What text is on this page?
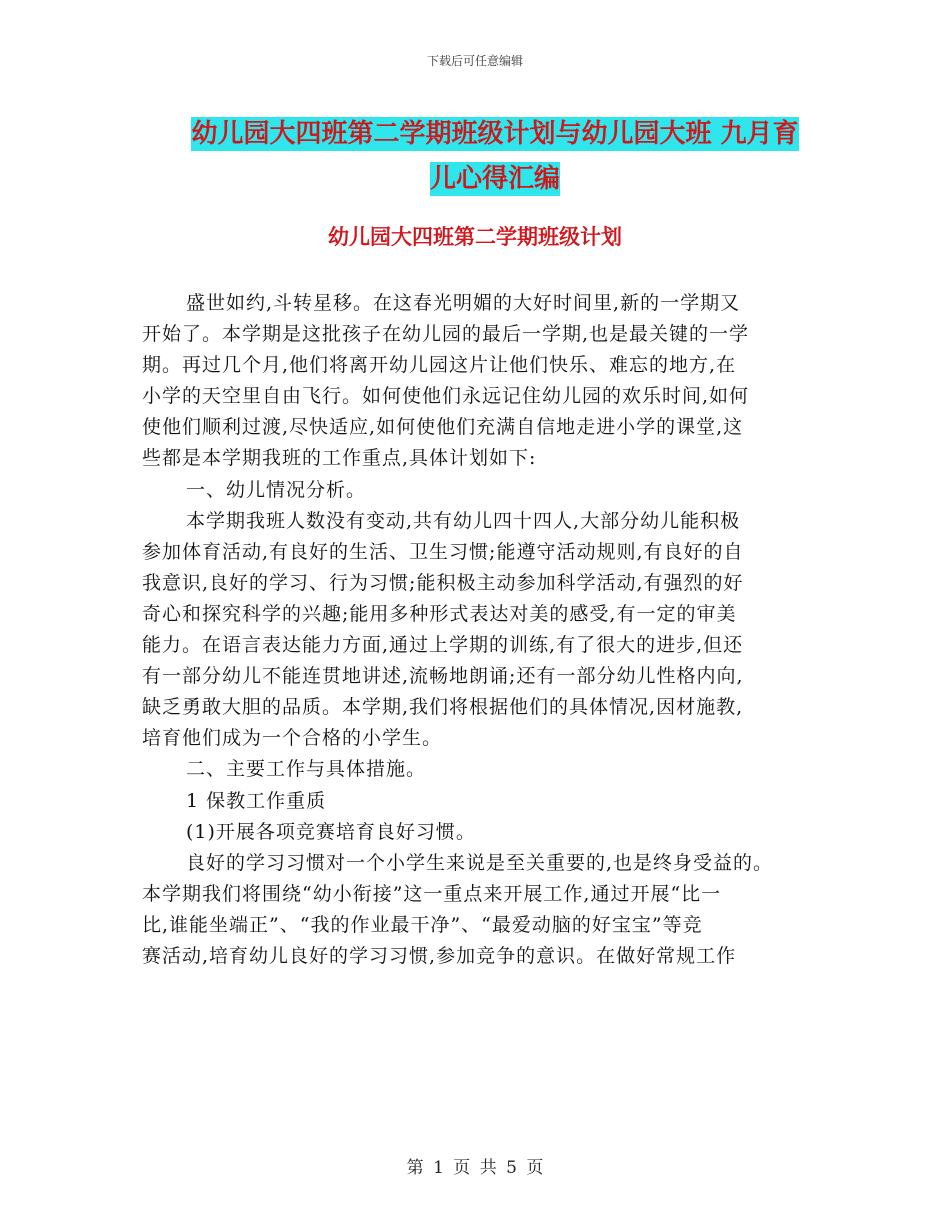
下载后可任意编辑
幼儿园大四班第二学期班级计划与幼儿园大班 九月育
儿心得汇编
幼儿园大四班第二学期班级计划
盛世如约,斗转星移。在这春光明媚的大好时间里,新的一学期又
开始了。本学期是这批孩子在幼儿园的最后一学期,也是最关键的一学
期。再过几个月,他们将离开幼儿园这片让他们快乐、难忘的地方,在
小学的天空里自由飞行。如何使他们永远记住幼儿园的欢乐时间,如何
使他们顺利过渡,尽快适应,如何使他们充满自信地走进小学的课堂,这
些都是本学期我班的工作重点,具体计划如下:
一、幼儿情况分析。
本学期我班人数没有变动,共有幼儿四十四人,大部分幼儿能积极
参加体育活动,有良好的生活、卫生习惯;能遵守活动规则,有良好的自
我意识,良好的学习、行为习惯;能积极主动参加科学活动,有强烈的好
奇心和探究科学的兴趣;能用多种形式表达对美的感受,有一定的审美
能力。在语言表达能力方面,通过上学期的训练,有了很大的进步,但还
有一部分幼儿不能连贯地讲述,流畅地朗诵;还有一部分幼儿性格内向,
缺乏勇敢大胆的品质。本学期,我们将根据他们的具体情况,因材施教,
培育他们成为一个合格的小学生。
二、主要工作与具体措施。
1 保教工作重质
(1)开展各项竞赛培育良好习惯。
良好的学习习惯对一个小学生来说是至关重要的,也是终身受益的。
本学期我们将围绕“幼小衔接”这一重点来开展工作,通过开展“比一
比,谁能坐端正”、“我的作业最干净”、“最爱动脑的好宝宝”等竞
赛活动,培育幼儿良好的学习习惯,参加竞争的意识。在做好常规工作
第 1 页 共 5 页
